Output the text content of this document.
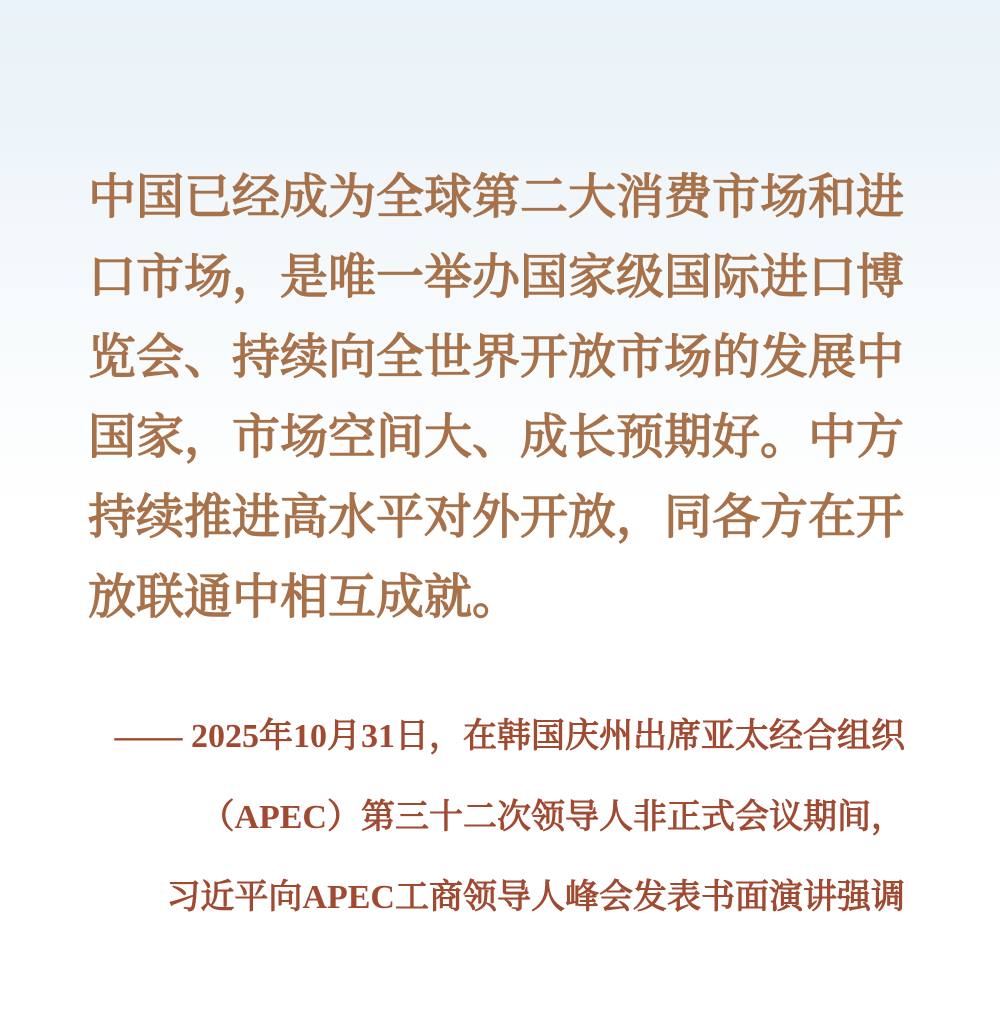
中国已经成为全球第二大消费市场和进
口市场，是唯一举办国家级国际进口博
览会、持续向全世界开放市场的发展中
国家，市场空间大、成长预期好。中方
持续推进高水平对外开放，同各方在开
放联通中相互成就。
—— 2025年10月31日，在韩国庆州出席亚太经合组织
（APEC）第三十二次领导人非正式会议期间，
习近平向APEC工商领导人峰会发表书面演讲强调
